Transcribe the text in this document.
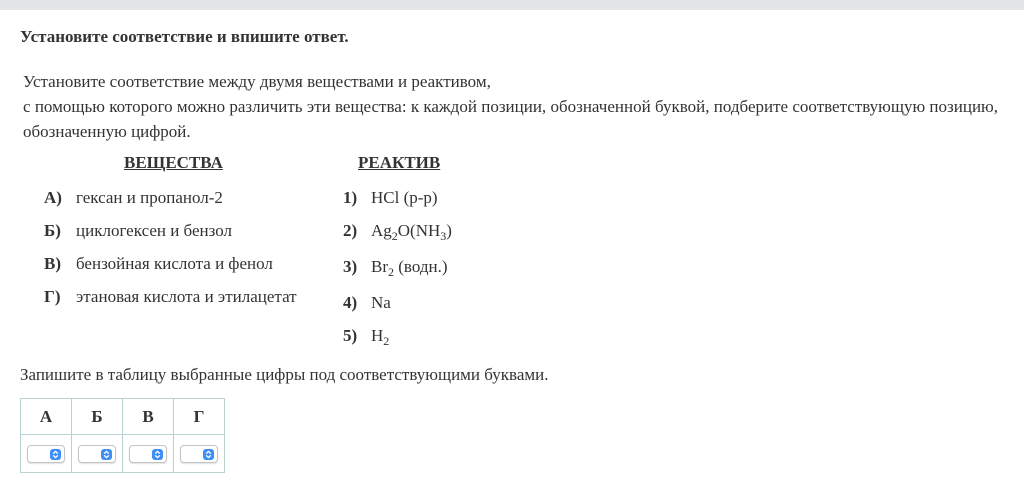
Установите соответствие и впишите ответ.

Установите соответствие между двумя веществами и реактивом,

с помощью которого можно различить эти вещества: к каждой позиции, обозначенной буквой, подберите соответствующую позицию, обозначенную цифрой.

ВЕЩЕСТВА	РЕАКТИВ
А) гексан и пропанол-2
Б) циклогексен и бензол
В) бензойная кислота и фенол
Г) этановая кислота и этилацетат
1) HCl (р-р)
2) $Ag_2O(NH_3)$
3) $Br_2$ (водн.)
4) Na
5) $H_2$
Запишите в таблицу выбранные цифры под соответствующими буквами.
А	Б	В	Г
